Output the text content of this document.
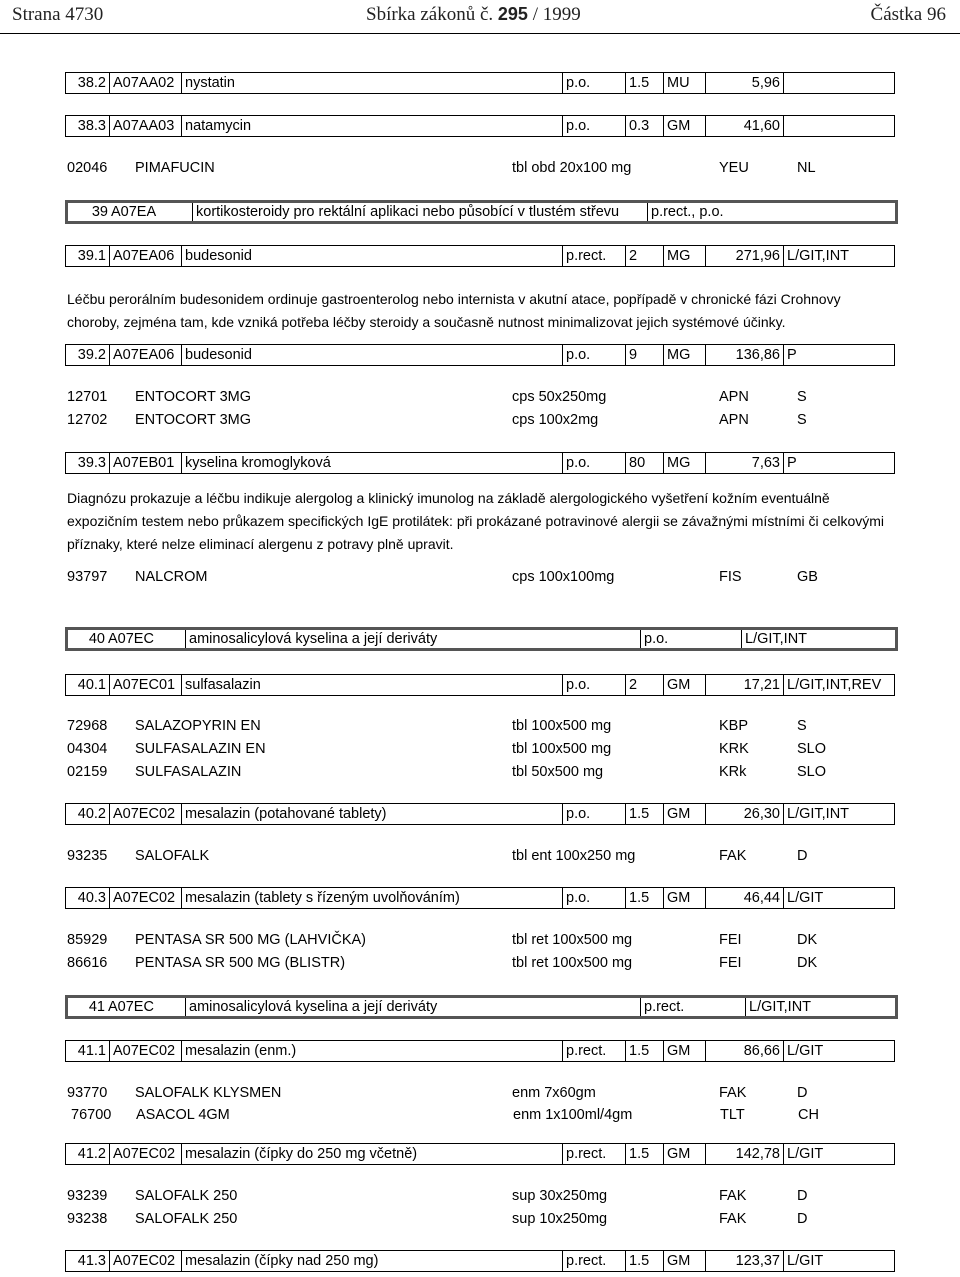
Strana 4730	Sbírka zákonů č. 295 / 1999	Částka 96
38.2 A07AA02 nystatin	p.o.	1.5	MU	5,96
38.3 A07AA03 natamycin	p.o.	0.3	GM	41,60
02046 PIMAFUCIN	tbl obd 20x100 mg	YEU	NL
39 A07EA	kortikosteroidy pro rektální aplikaci nebo působící v tlustém střevu	p.rect., p.o.
39.1 A07EA06 budesonid	p.rect.	2	MG	271,96 L/GIT,INT
Léčbu perorálním budesonidem ordinuje gastroenterolog nebo internista v akutní atace, popřípadě v chronické fázi Crohnovy choroby, zejména tam, kde vzniká potřeba léčby steroidy a současně nutnost minimalizovat jejich systémové účinky.
39.2 A07EA06 budesonid	p.o.	9	MG	136,86 P
12701 ENTOCORT 3MG	cps 50x250mg	APN	S
12702 ENTOCORT 3MG	cps 100x2mg	APN	S
39.3 A07EB01 kyselina kromoglyková	p.o.	80	MG	7,63 P
Diagnózu prokazuje a léčbu indikuje alergolog a klinický imunolog na základě alergologického vyšetření kožním eventuálně expozičním testem nebo průkazem specifických IgE protilátek: při prokázané potravinové alergii se závažnými místními či celkovými příznaky, které nelze eliminací alergenu z potravy plně upravit.
93797 NALCROM	cps 100x100mg	FIS	GB
40 A07EC	aminosalicylová kyselina a její deriváty	p.o.	L/GIT,INT
40.1 A07EC01 sulfasalazin	p.o.	2	GM	17,21 L/GIT,INT,REV
72968 SALAZOPYRIN EN	tbl 100x500 mg	KBP	S
04304 SULFASALAZIN EN	tbl 100x500 mg	KRK	SLO
02159 SULFASALAZIN	tbl 50x500 mg	KRk	SLO
40.2 A07EC02 mesalazin (potahované tablety)	p.o.	1.5	GM	26,30 L/GIT,INT
93235 SALOFALK	tbl ent 100x250 mg	FAK	D
40.3 A07EC02 mesalazin (tablety s řízeným uvolňováním)	p.o.	1.5	GM	46,44 L/GIT
85929 PENTASA SR 500 MG (LAHVIČKA)	tbl ret 100x500 mg	FEI	DK
86616 PENTASA SR 500 MG (BLISTR)	tbl ret 100x500 mg	FEI	DK
41 A07EC	aminosalicylová kyselina a její deriváty	p.rect.	L/GIT,INT
41.1 A07EC02 mesalazin (enm.)	p.rect.	1.5	GM	86,66 L/GIT
93770 SALOFALK KLYSMEN	enm 7x60gm	FAK	D
76700 ASACOL 4GM	enm 1x100ml/4gm	TLT	CH
41.2 A07EC02 mesalazin (čípky do 250 mg včetně)	p.rect.	1.5	GM	142,78 L/GIT
93239 SALOFALK 250	sup 30x250mg	FAK	D
93238 SALOFALK 250	sup 10x250mg	FAK	D
41.3 A07EC02 mesalazin (čípky nad 250 mg)	p.rect.	1.5	GM	123,37 L/GIT
